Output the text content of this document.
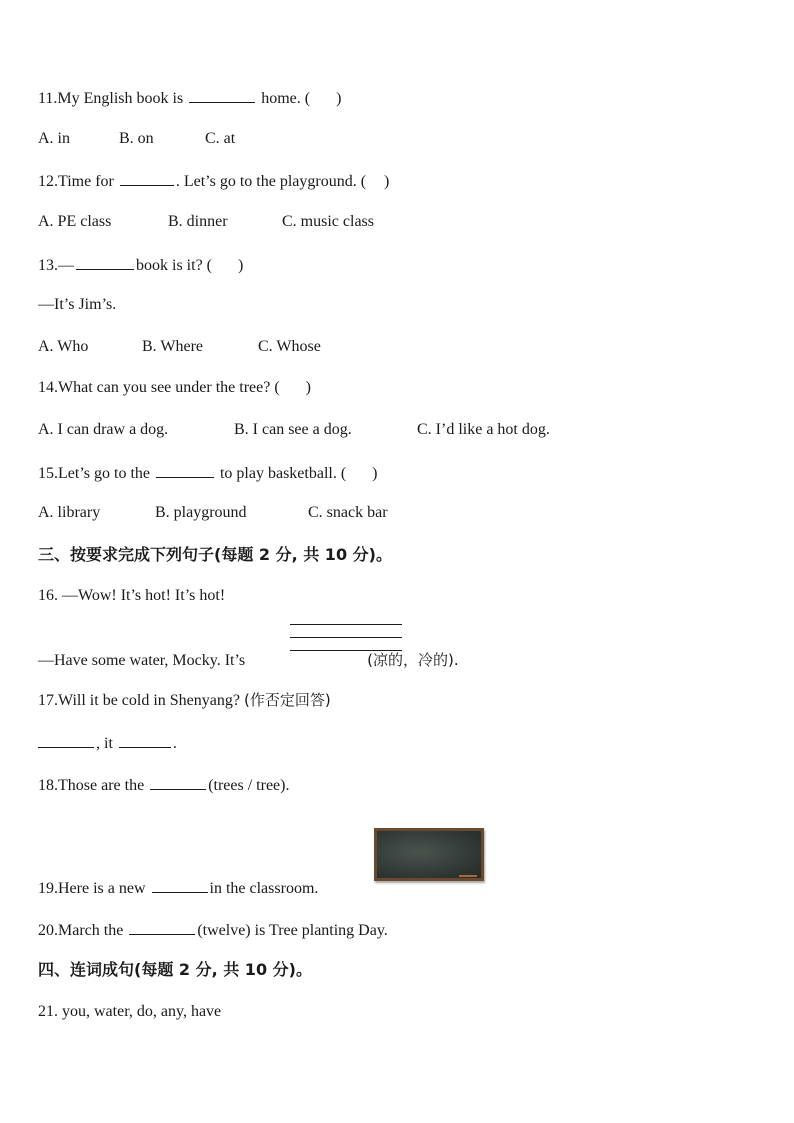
11.My English book is	home. ( )
A. in	B. on	C. at
12.Time for	. Let’s go to the playground. ( )
A. PE class	B. dinner	C. music class
13.—	book is it? ( )
—It’s Jim’s.
A. Who	B. Where	C. Whose
14.What can you see under the tree? ( )
A. I can draw a dog.	B. I can see a dog.	C. I’d like a hot dog.
15.Let’s go to the	to play basketball. ( )
A. library	B. playground	C. snack bar
三、按要求完成下列句子(每题 2 分, 共 10 分)。
16. —Wow! It’s hot! It’s hot!
—Have some water, Mocky. It’s	(凉的，冷的).
17.Will it be cold in Shenyang? (作否定回答)
, it	.
18.Those are the	(trees / tree).
19.Here is a new	in the classroom.
20.March the	(twelve) is Tree planting Day.
四、连词成句(每题 2 分, 共 10 分)。
21. you, water, do, any, have
